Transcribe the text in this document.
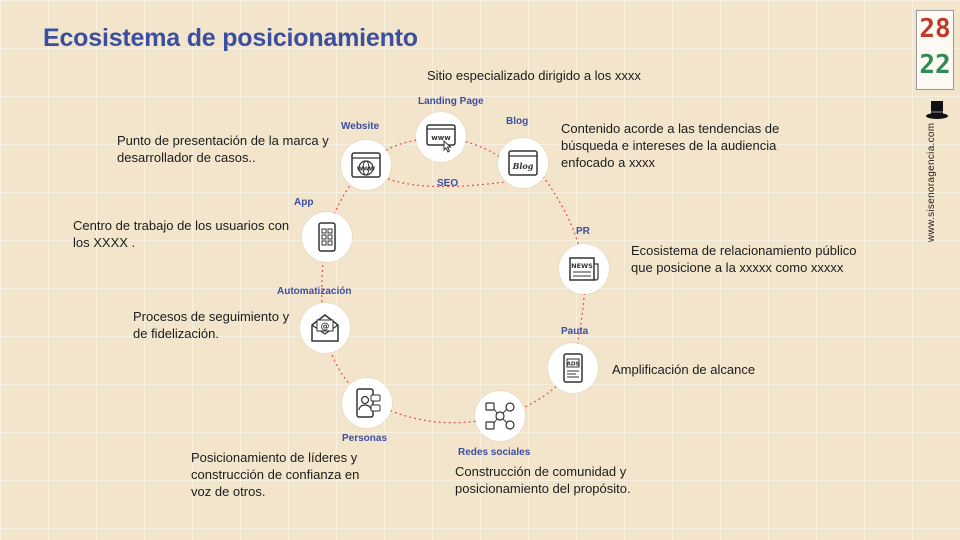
Ecosistema de posicionamiento
Landing Page
www
Sitio especializado dirigido a los xxxx
Blog
Blog
Contenido acorde a las tendencias de búsqueda e intereses de la audiencia enfocado a xxxx
SEO
Website
WWW
Punto de presentación de la marca y desarrollador de casos..
App
Centro de trabajo de los usuarios con los XXXX .
PR
NEWS
Ecosistema de relacionamiento público que posicione a la xxxxx como xxxxx
Automatización
@
Procesos de seguimiento y de fidelización.	Pauta
ADS	Amplificación de alcance
Personas
Posicionamiento de líderes y construcción de confianza en voz de otros.
Redes sociales
Construcción de comunidad y posicionamiento del propósito.
28
22
www.sisenoragencia.com
